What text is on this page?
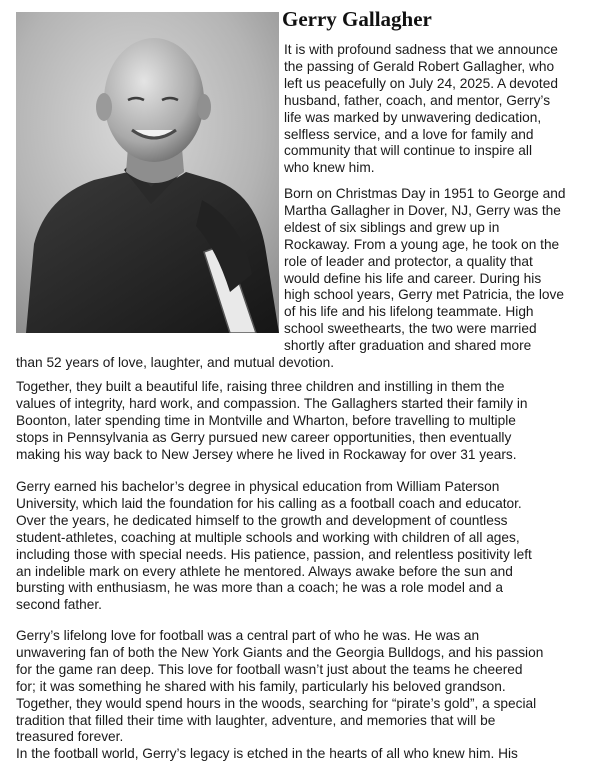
Gerry Gallagher

It is with profound sadness that we announce

the passing of Gerald Robert Gallagher, who

left us peacefully on July 24, 2025. A devoted

husband, father, coach, and mentor, Gerry’s

life was marked by unwavering dedication,

selfless service, and a love for family and

community that will continue to inspire all

who knew him.

Born on Christmas Day in 1951 to George and

Martha Gallagher in Dover, NJ, Gerry was the

eldest of six siblings and grew up in

Rockaway. From a young age, he took on the

role of leader and protector, a quality that

would define his life and career. During his

high school years, Gerry met Patricia, the love

of his life and his lifelong teammate. High

school sweethearts, the two were married

shortly after graduation and shared more

than 52 years of love, laughter, and mutual devotion.

Together, they built a beautiful life, raising three children and instilling in them the

values of integrity, hard work, and compassion. The Gallaghers started their family in

Boonton, later spending time in Montville and Wharton, before travelling to multiple

stops in Pennsylvania as Gerry pursued new career opportunities, then eventually

making his way back to New Jersey where he lived in Rockaway for over 31 years.

Gerry earned his bachelor’s degree in physical education from William Paterson

University, which laid the foundation for his calling as a football coach and educator.

Over the years, he dedicated himself to the growth and development of countless

student-athletes, coaching at multiple schools and working with children of all ages,

including those with special needs. His patience, passion, and relentless positivity left

an indelible mark on every athlete he mentored. Always awake before the sun and

bursting with enthusiasm, he was more than a coach; he was a role model and a

second father.

Gerry’s lifelong love for football was a central part of who he was. He was an

unwavering fan of both the New York Giants and the Georgia Bulldogs, and his passion

for the game ran deep. This love for football wasn’t just about the teams he cheered

for; it was something he shared with his family, particularly his beloved grandson.

Together, they would spend hours in the woods, searching for “pirate’s gold”, a special

tradition that filled their time with laughter, adventure, and memories that will be

treasured forever.

In the football world, Gerry’s legacy is etched in the hearts of all who knew him. His
